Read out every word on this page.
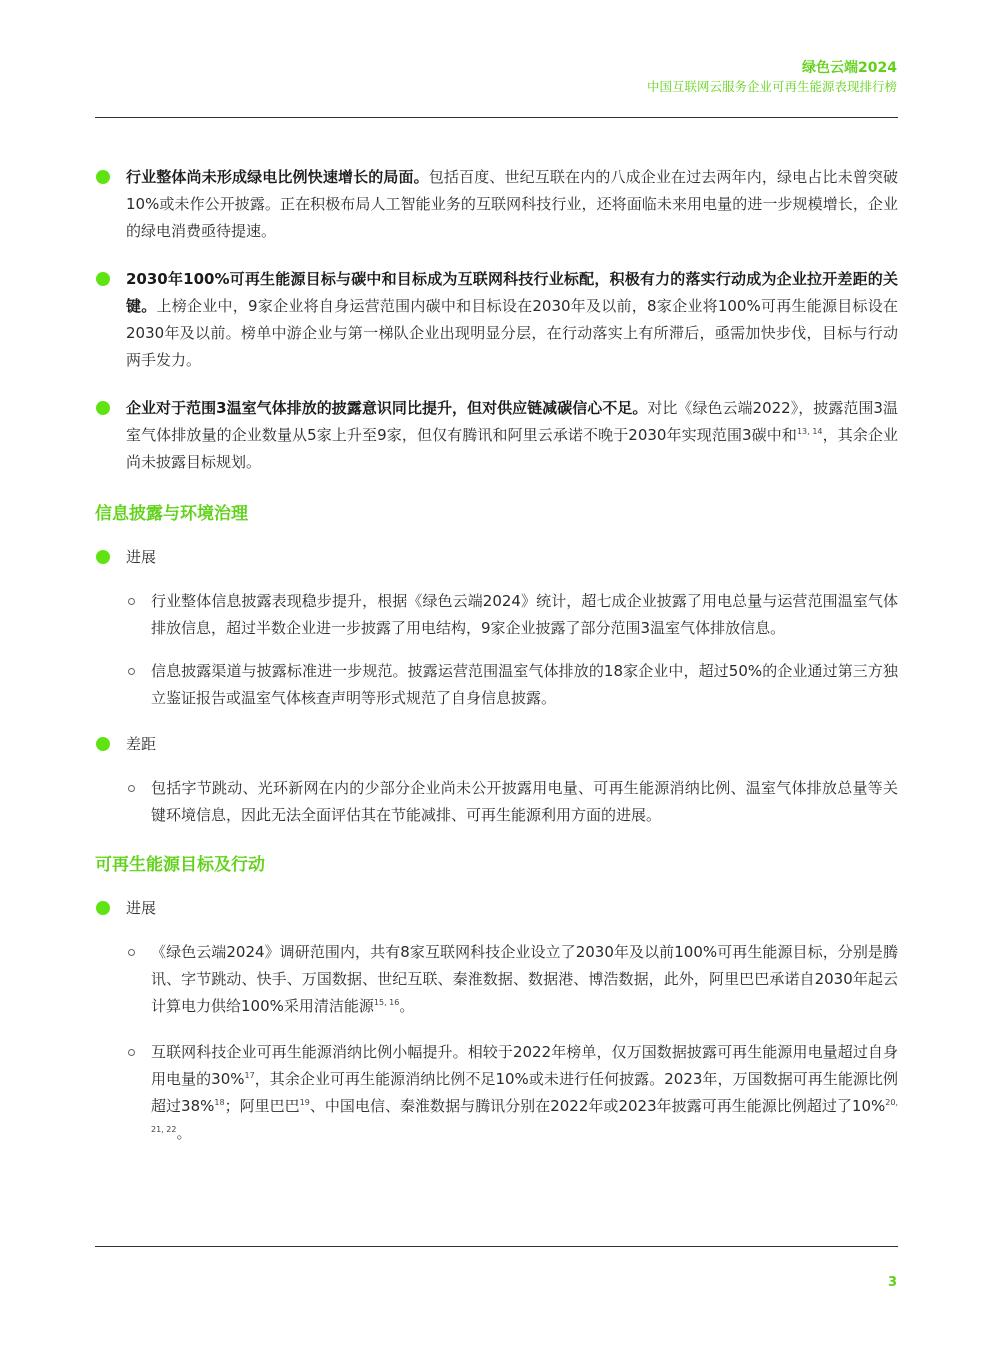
绿色云端2024
中国互联网云服务企业可再生能源表现排行榜
行业整体尚未形成绿电比例快速增长的局面。包括百度、世纪互联在内的八成企业在过去两年内，绿电占比未曾突破10%或未作公开披露。正在积极布局人工智能业务的互联网科技行业，还将面临未来用电量的进一步规模增长，企业的绿电消费亟待提速。
2030年100%可再生能源目标与碳中和目标成为互联网科技行业标配，积极有力的落实行动成为企业拉开差距的关键。上榜企业中，9家企业将自身运营范围内碳中和目标设在2030年及以前，8家企业将100%可再生能源目标设在2030年及以前。榜单中游企业与第一梯队企业出现明显分层，在行动落实上有所滞后，亟需加快步伐，目标与行动两手发力。
企业对于范围3温室气体排放的披露意识同比提升，但对供应链减碳信心不足。对比《绿色云端2022》，披露范围3温室气体排放量的企业数量从5家上升至9家，但仅有腾讯和阿里云承诺不晚于2030年实现范围3碳中和$^{13, 14}$，其余企业尚未披露目标规划。
信息披露与环境治理
进展
行业整体信息披露表现稳步提升，根据《绿色云端2024》统计，超七成企业披露了用电总量与运营范围温室气体排放信息，超过半数企业进一步披露了用电结构，9家企业披露了部分范围3温室气体排放信息。
信息披露渠道与披露标准进一步规范。披露运营范围温室气体排放的18家企业中，超过50%的企业通过第三方独立鉴证报告或温室气体核查声明等形式规范了自身信息披露。
差距
包括字节跳动、光环新网在内的少部分企业尚未公开披露用电量、可再生能源消纳比例、温室气体排放总量等关键环境信息，因此无法全面评估其在节能减排、可再生能源利用方面的进展。
可再生能源目标及行动
进展
《绿色云端2024》调研范围内，共有8家互联网科技企业设立了2030年及以前100%可再生能源目标，分别是腾讯、字节跳动、快手、万国数据、世纪互联、秦淮数据、数据港、博浩数据，此外，阿里巴巴承诺自2030年起云计算电力供给100%采用清洁能源$^{15, 16}$。
互联网科技企业可再生能源消纳比例小幅提升。相较于2022年榜单，仅万国数据披露可再生能源用电量超过自身用电量的30%$^{17}$，其余企业可再生能源消纳比例不足10%或未进行任何披露。2023年，万国数据可再生能源比例超过38%$^{18}$；阿里巴巴$^{19}$、中国电信、秦淮数据与腾讯分别在2022年或2023年披露可再生能源比例超过了10%$^{20, 21, 22}$。
3
